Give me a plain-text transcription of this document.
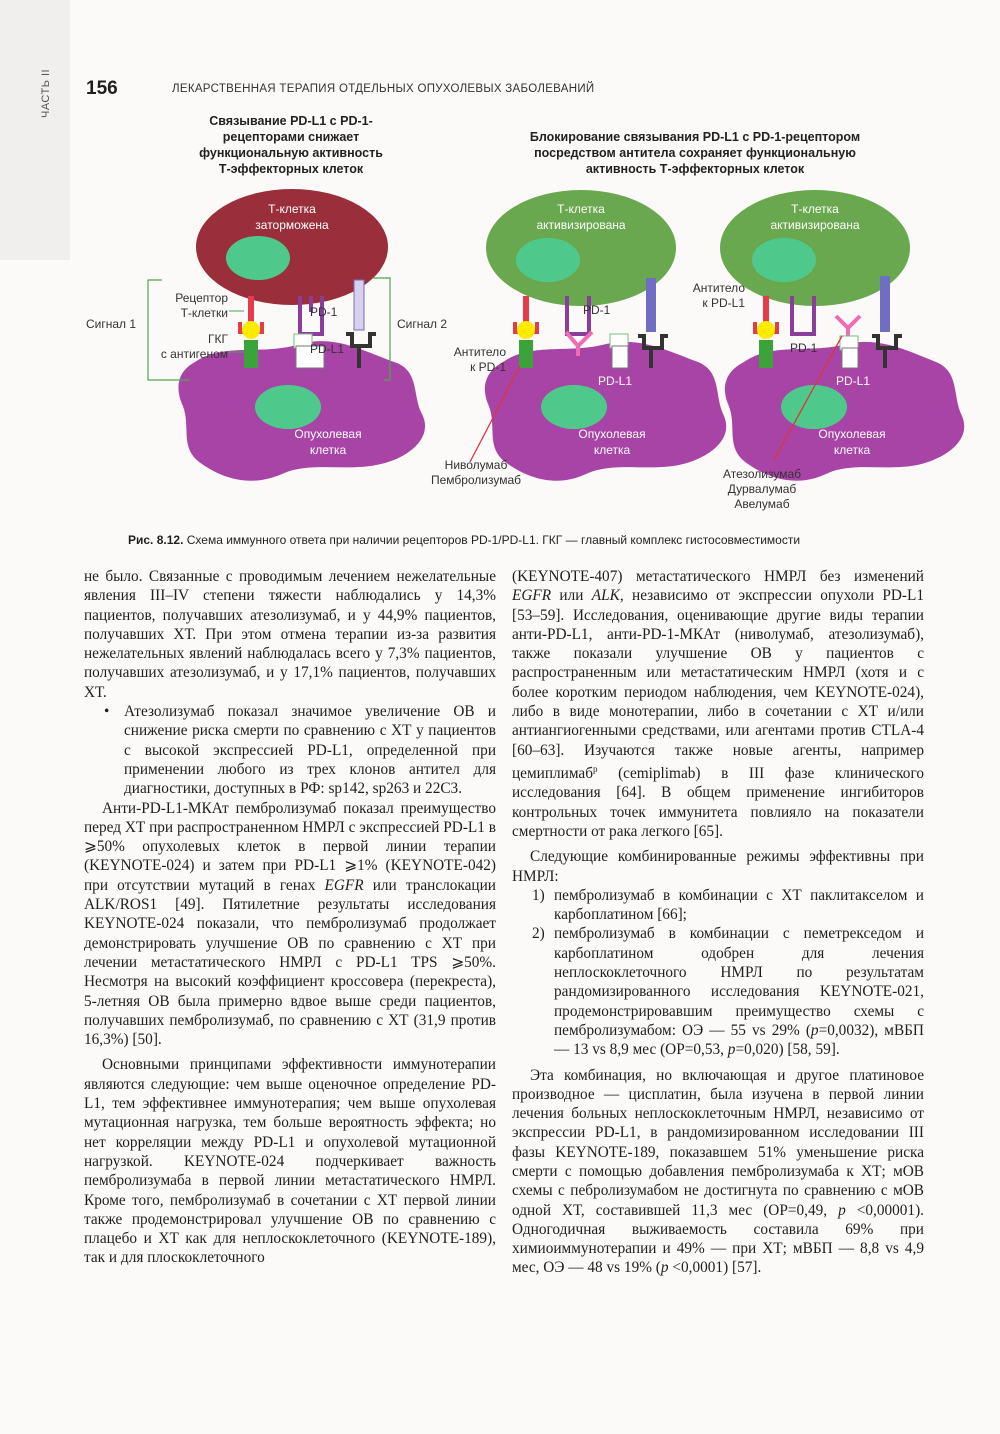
ЧАСТЬ II 156	ЛЕКАРСТВЕННАЯ ТЕРАПИЯ ОТДЕЛЬНЫХ ОПУХОЛЕВЫХ ЗАБОЛЕВАНИЙ
Связывание PD-L1 с PD-1-
рецепторами снижает
функциональную активность
Т-эффекторных клеток
Блокирование связывания PD-L1 с PD-1-рецептором
посредством антитела сохраняет функциональную
активность Т-эффекторных клеток
Опухолевая
клетка
Т-клетка
заторможена
Сигнал 1	Сигнал 2
Рецептор
Т-клетки
ГКГ
с антигеном
PD-1
PD-L1
Опухолевая
клетка
Т-клетка
активизирована
PD-1
PD-L1
Антитело
к PD-1
Ниволумаб
Пембролизумаб
Опухолевая
клетка
Т-клетка
активизирована
Антитело
к PD-L1
PD-1
PD-L1
Атезолизумаб
Дурвалумаб
Авелумаб
Рис. 8.12. Схема иммунного ответа при наличии рецепторов PD-1/PD-L1. ГКГ — главный комплекс гистосовместимости

не было. Связанные с проводимым лечением нежелательные явления III–IV степени тяжести наблюдались у 14,3% пациентов, получавших атезолизумаб, и у 44,9% пациентов, получавших ХТ. При этом отмена терапии из-за развития нежелательных явлений наблюдалась всего у 7,3% пациентов, получавших атезолизумаб, и у 17,1% пациентов, получавших ХТ.

• Атезолизумаб показал значимое увеличение ОВ и снижение риска смерти по сравнению с ХТ у пациентов с высокой экспрессией PD-L1, определенной при применении любого из трех клонов антител для диагностики, доступных в РФ: sp142, sp263 и 22C3.

Анти-PD-L1-МКАт пембролизумаб показал преимущество перед ХТ при распространенном НМРЛ с экспрессией PD-L1 в ⩾50% опухолевых клеток в первой линии терапии (KEYNOTE-024) и затем при PD-L1 ⩾1% (KEYNOTE-042) при отсутствии мутаций в генах EGFR или транслокации ALK/ROS1 [49]. Пятилетние результаты исследования KEYNOTE-024 показали, что пембролизумаб продолжает демонстрировать улучшение ОВ по сравнению с ХТ при лечении метастатического НМРЛ с PD-L1 TPS ⩾50%. Несмотря на высокий коэффициент кроссовера (перекреста), 5-летняя ОВ была примерно вдвое выше среди пациентов, получавших пембролизумаб, по сравнению с ХТ (31,9 против 16,3%) [50].

Основными принципами эффективности иммунотерапии являются следующие: чем выше оценочное определение PD-L1, тем эффективнее иммунотерапия; чем выше опухолевая мутационная нагрузка, тем больше вероятность эффекта; но нет корреляции между PD-L1 и опухолевой мутационной нагрузкой. KEYNOTE-024 подчеркивает важность пембролизумаба в первой линии метастатического НМРЛ. Кроме того, пембролизумаб в сочетании с ХТ первой линии также продемонстрировал улучшение ОВ по сравнению с плацебо и ХТ как для неплоскоклеточного (KEYNOTE-189), так и для плоскоклеточного

(KEYNOTE-407) метастатического НМРЛ без изменений EGFR или ALK, независимо от экспрессии опухоли PD-L1 [53–59]. Исследования, оценивающие другие виды терапии анти-PD-L1, анти-PD-1-МКАт (ниволумаб, атезолизумаб), также показали улучшение ОВ у пациентов с распространенным или метастатическим НМРЛ (хотя и с более коротким периодом наблюдения, чем KEYNOTE-024), либо в виде монотерапии, либо в сочетании с ХТ и/или антиангиогенными средствами, или агентами против CTLA-4 [60–63]. Изучаются также новые агенты, например цемиплимаб$^р$ (cemiplimab) в III фазе клинического исследования [64]. В общем применение ингибиторов контрольных точек иммунитета повлияло на показатели смертности от рака легкого [65].

Следующие комбинированные режимы эффективны при НМРЛ:

1) пембролизумаб в комбинации с ХТ паклитакселом и карбоплатином [66];

2) пембролизумаб в комбинации с пеметрекседом и карбоплатином одобрен для лечения неплоскоклеточного НМРЛ по результатам рандомизированного исследования KEYNOTE-021, продемонстрировавшим преимущество схемы с пембролизумабом: ОЭ — 55 vs 29% (p=0,0032), мВБП — 13 vs 8,9 мес (ОР=0,53, p=0,020) [58, 59].

Эта комбинация, но включающая и другое платиновое производное — цисплатин, была изучена в первой линии лечения больных неплоскоклеточным НМРЛ, независимо от экспрессии PD-L1, в рандомизированном исследовании III фазы KEYNOTE-189, показавшем 51% уменьшение риска смерти с помощью добавления пембролизумаба к ХТ; мОВ схемы с пебролизумабом не достигнута по сравнению с мОВ одной ХТ, составившей 11,3 мес (ОР=0,49, p <0,00001). Одногодичная выживаемость составила 69% при химиоиммунотерапии и 49% — при ХТ; мВБП — 8,8 vs 4,9 мес, ОЭ — 48 vs 19% (p <0,0001) [57].
